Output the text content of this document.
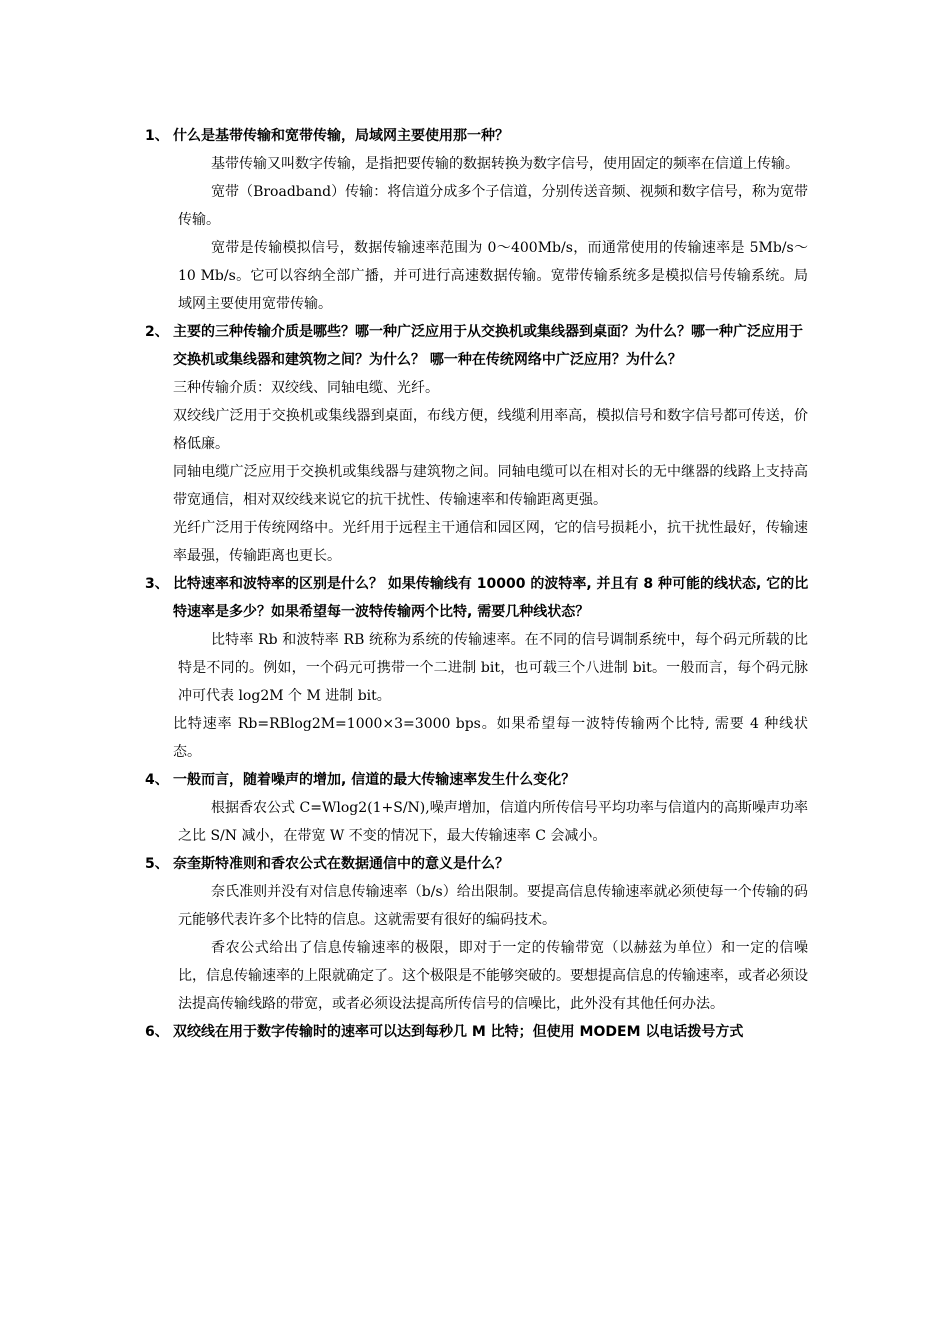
1、 什么是基带传输和宽带传输，局域网主要使用那一种？

基带传输又叫数字传输，是指把要传输的数据转换为数字信号，使用固定的频率在信道上传输。

宽带（Broadband）传输：将信道分成多个子信道，分别传送音频、视频和数字信号，称为宽带传输。

宽带是传输模拟信号，数据传输速率范围为 0～400Mb/s，而通常使用的传输速率是 5Mb/s～10 Mb/s。它可以容纳全部广播，并可进行高速数据传输。宽带传输系统多是模拟信号传输系统。局域网主要使用宽带传输。

2、 主要的三种传输介质是哪些？哪一种广泛应用于从交换机或集线器到桌面？为什么？哪一种广泛应用于交换机或集线器和建筑物之间？为什么？ 哪一种在传统网络中广泛应用？为什么？

三种传输介质：双绞线、同轴电缆、光纤。

双绞线广泛用于交换机或集线器到桌面，布线方便，线缆利用率高，模拟信号和数字信号都可传送，价格低廉。

同轴电缆广泛应用于交换机或集线器与建筑物之间。同轴电缆可以在相对长的无中继器的线路上支持高带宽通信，相对双绞线来说它的抗干扰性、传输速率和传输距离更强。

光纤广泛用于传统网络中。光纤用于远程主干通信和园区网，它的信号损耗小，抗干扰性最好，传输速率最强，传输距离也更长。

3、 比特速率和波特率的区别是什么？ 如果传输线有 10000 的波特率, 并且有 8 种可能的线状态, 它的比特速率是多少？如果希望每一波特传输两个比特, 需要几种线状态？

比特率 Rb 和波特率 RB 统称为系统的传输速率。在不同的信号调制系统中，每个码元所载的比特是不同的。例如，一个码元可携带一个二进制 bit，也可载三个八进制 bit。一般而言，每个码元脉冲可代表 log2M 个 M 进制 bit。

比特速率 Rb=RBlog2M=1000×3=3000 bps。如果希望每一波特传输两个比特, 需要 4 种线状态。

4、 一般而言，随着噪声的增加, 信道的最大传输速率发生什么变化？

根据香农公式 C=Wlog2(1+S/N),噪声增加，信道内所传信号平均功率与信道内的高斯噪声功率之比 S/N 减小，在带宽 W 不变的情况下，最大传输速率 C 会减小。

5、 奈奎斯特准则和香农公式在数据通信中的意义是什么？

奈氏准则并没有对信息传输速率（b/s）给出限制。要提高信息传输速率就必须使每一个传输的码元能够代表许多个比特的信息。这就需要有很好的编码技术。

香农公式给出了信息传输速率的极限，即对于一定的传输带宽（以赫兹为单位）和一定的信噪比，信息传输速率的上限就确定了。这个极限是不能够突破的。要想提高信息的传输速率，或者必须设法提高传输线路的带宽，或者必须设法提高所传信号的信噪比，此外没有其他任何办法。

6、 双绞线在用于数字传输时的速率可以达到每秒几 M 比特；但使用 MODEM 以电话拨号方式
